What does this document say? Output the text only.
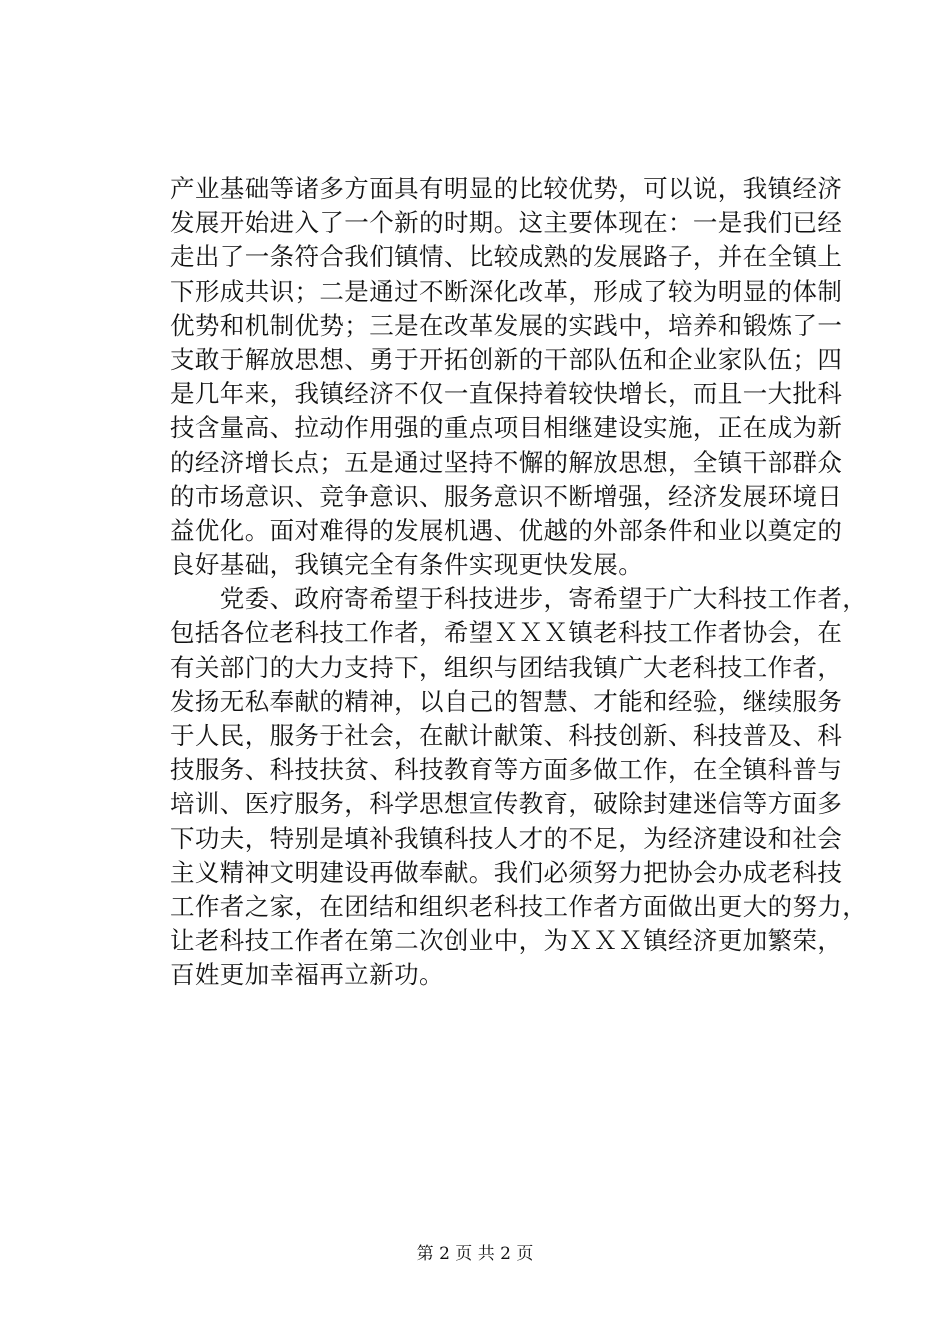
产业基础等诸多方面具有明显的比较优势，可以说，我镇经济
发展开始进入了一个新的时期。这主要体现在：一是我们已经
走出了一条符合我们镇情、比较成熟的发展路子，并在全镇上
下形成共识；二是通过不断深化改革，形成了较为明显的体制
优势和机制优势；三是在改革发展的实践中，培养和锻炼了一
支敢于解放思想、勇于开拓创新的干部队伍和企业家队伍；四
是几年来，我镇经济不仅一直保持着较快增长，而且一大批科
技含量高、拉动作用强的重点项目相继建设实施，正在成为新
的经济增长点；五是通过坚持不懈的解放思想，全镇干部群众
的市场意识、竞争意识、服务意识不断增强，经济发展环境日
益优化。面对难得的发展机遇、优越的外部条件和业以奠定的
良好基础，我镇完全有条件实现更快发展。
　　党委、政府寄希望于科技进步，寄希望于广大科技工作者，
包括各位老科技工作者，希望ＸＸＸ镇老科技工作者协会，在
有关部门的大力支持下，组织与团结我镇广大老科技工作者，
发扬无私奉献的精神，以自己的智慧、才能和经验，继续服务
于人民，服务于社会，在献计献策、科技创新、科技普及、科
技服务、科技扶贫、科技教育等方面多做工作，在全镇科普与
培训、医疗服务，科学思想宣传教育，破除封建迷信等方面多
下功夫，特别是填补我镇科技人才的不足，为经济建设和社会
主义精神文明建设再做奉献。我们必须努力把协会办成老科技
工作者之家，在团结和组织老科技工作者方面做出更大的努力，
让老科技工作者在第二次创业中，为ＸＸＸ镇经济更加繁荣，
百姓更加幸福再立新功。
第 2 页 共 2 页
